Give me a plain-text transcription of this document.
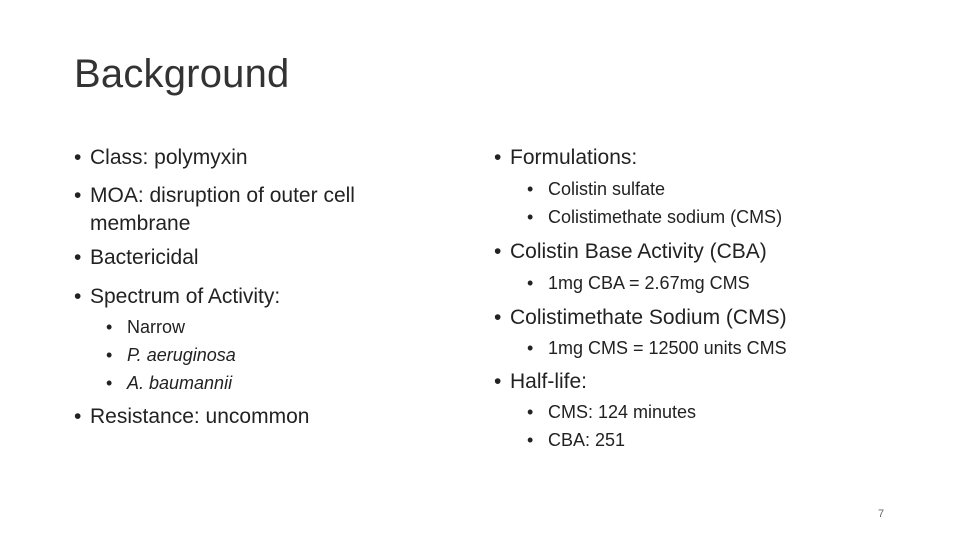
Background
• Class: polymyxin
• MOA: disruption of outer cell
membrane
• Bactericidal
• Spectrum of Activity:
• Narrow
• P. aeruginosa
• A. baumannii
• Resistance: uncommon
• Formulations:
• Colistin sulfate
• Colistimethate sodium (CMS)
• Colistin Base Activity (CBA)
• 1mg CBA = 2.67mg CMS
• Colistimethate Sodium (CMS)
• 1mg CMS = 12500 units CMS
• Half-life:
• CMS: 124 minutes
• CBA: 251
7
